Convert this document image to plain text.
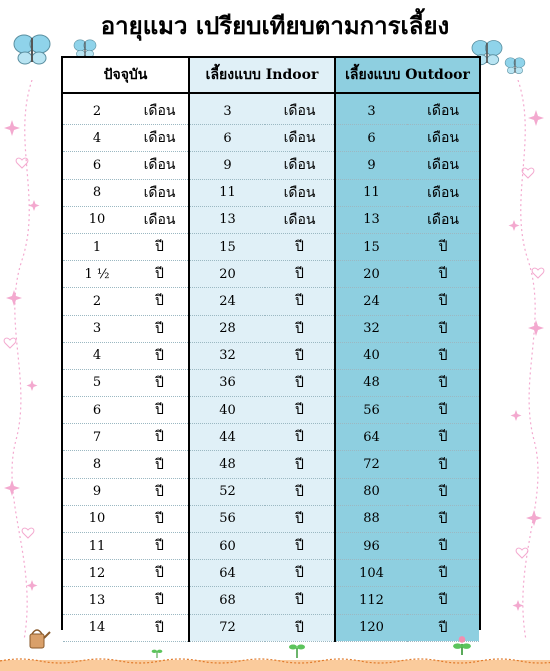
อายุแมว เปรียบเทียบตามการเลี้ยง
ปัจจุบัน		เลี้ยงแบบ Indoor		เลี้ยงแบบ Outdoor	

2	เดือน	3	เดือน	3	เดือน
4	เดือน	6	เดือน	6	เดือน
6	เดือน	9	เดือน	9	เดือน
8	เดือน	11	เดือน	11	เดือน
10	เดือน	13	เดือน	13	เดือน
1	ปี	15	ปี	15	ปี
1 ½	ปี	20	ปี	20	ปี
2	ปี	24	ปี	24	ปี
3	ปี	28	ปี	32	ปี
4	ปี	32	ปี	40	ปี
5	ปี	36	ปี	48	ปี
6	ปี	40	ปี	56	ปี
7	ปี	44	ปี	64	ปี
8	ปี	48	ปี	72	ปี
9	ปี	52	ปี	80	ปี
10	ปี	56	ปี	88	ปี
11	ปี	60	ปี	96	ปี
12	ปี	64	ปี	104	ปี
13	ปี	68	ปี	112	ปี
14	ปี	72	ปี	120	ปี
